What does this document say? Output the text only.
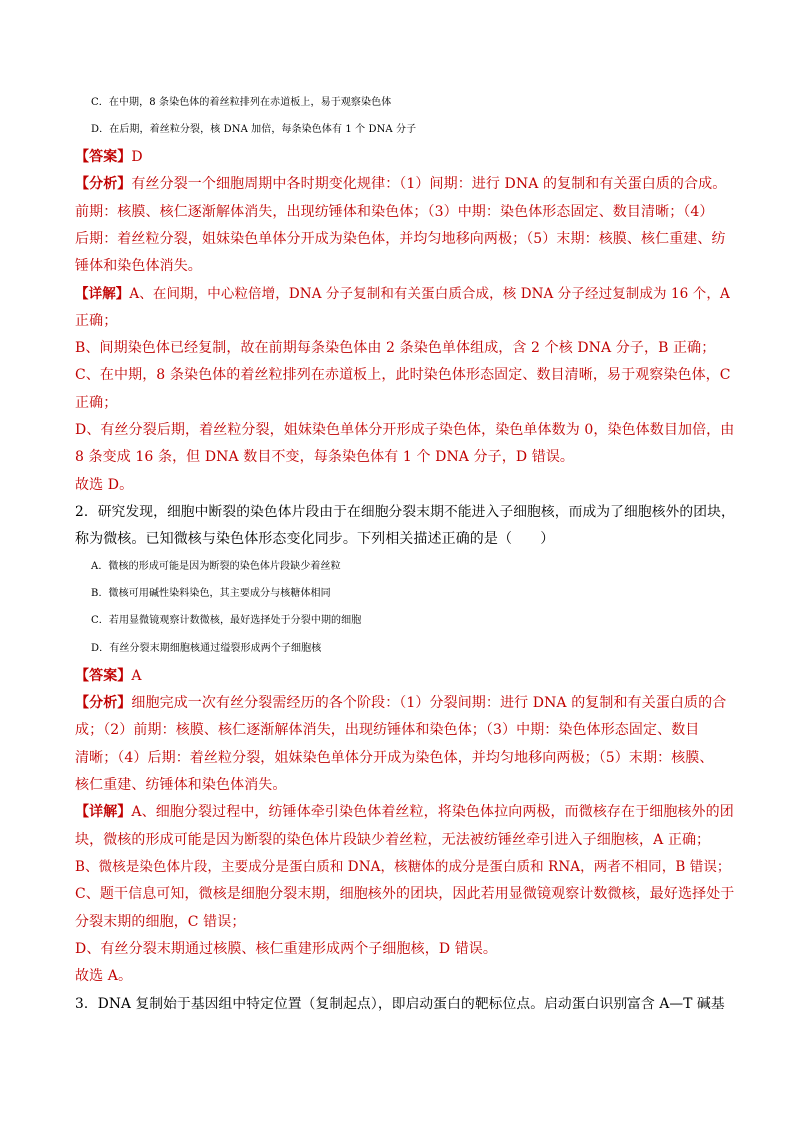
C．在中期，8 条染色体的着丝粒排列在赤道板上，易于观察染色体
D．在后期，着丝粒分裂，核 DNA 加倍，每条染色体有 1 个 DNA 分子
【答案】D
【分析】有丝分裂一个细胞周期中各时期变化规律：（1）间期：进行 DNA 的复制和有关蛋白质的合成。
前期：核膜、核仁逐渐解体消失，出现纺锤体和染色体；（3）中期：染色体形态固定、数目清晰；（4）
后期：着丝粒分裂，姐妹染色单体分开成为染色体，并均匀地移向两极；（5）末期：核膜、核仁重建、纺
锤体和染色体消失。
【详解】A、在间期，中心粒倍增，DNA 分子复制和有关蛋白质合成，核 DNA 分子经过复制成为 16 个，A
正确；
B、间期染色体已经复制，故在前期每条染色体由 2 条染色单体组成，含 2 个核 DNA 分子，B 正确；
C、在中期，8 条染色体的着丝粒排列在赤道板上，此时染色体形态固定、数目清晰，易于观察染色体，C
正确；
D、有丝分裂后期，着丝粒分裂，姐妹染色单体分开形成子染色体，染色单体数为 0，染色体数目加倍，由
8 条变成 16 条，但 DNA 数目不变，每条染色体有 1 个 DNA 分子，D 错误。
故选 D。
2．研究发现，细胞中断裂的染色体片段由于在细胞分裂末期不能进入子细胞核，而成为了细胞核外的团块，
称为微核。已知微核与染色体形态变化同步。下列相关描述正确的是（　　）
A．微核的形成可能是因为断裂的染色体片段缺少着丝粒
B．微核可用碱性染料染色，其主要成分与核糖体相同
C．若用显微镜观察计数微核，最好选择处于分裂中期的细胞
D．有丝分裂末期细胞核通过缢裂形成两个子细胞核
【答案】A
【分析】细胞完成一次有丝分裂需经历的各个阶段：（1）分裂间期：进行 DNA 的复制和有关蛋白质的合
成；（2）前期：核膜、核仁逐渐解体消失，出现纺锤体和染色体；（3）中期：染色体形态固定、数目
清晰；（4）后期：着丝粒分裂，姐妹染色单体分开成为染色体，并均匀地移向两极；（5）末期：核膜、
核仁重建、纺锤体和染色体消失。
【详解】A、细胞分裂过程中，纺锤体牵引染色体着丝粒，将染色体拉向两极，而微核存在于细胞核外的团
块，微核的形成可能是因为断裂的染色体片段缺少着丝粒，无法被纺锤丝牵引进入子细胞核，A 正确；
B、微核是染色体片段，主要成分是蛋白质和 DNA，核糖体的成分是蛋白质和 RNA，两者不相同，B 错误；
C、题干信息可知，微核是细胞分裂末期，细胞核外的团块，因此若用显微镜观察计数微核，最好选择处于
分裂末期的细胞，C 错误；
D、有丝分裂末期通过核膜、核仁重建形成两个子细胞核，D 错误。
故选 A。
3．DNA 复制始于基因组中特定位置（复制起点），即启动蛋白的靶标位点。启动蛋白识别富含 A—T 碱基
